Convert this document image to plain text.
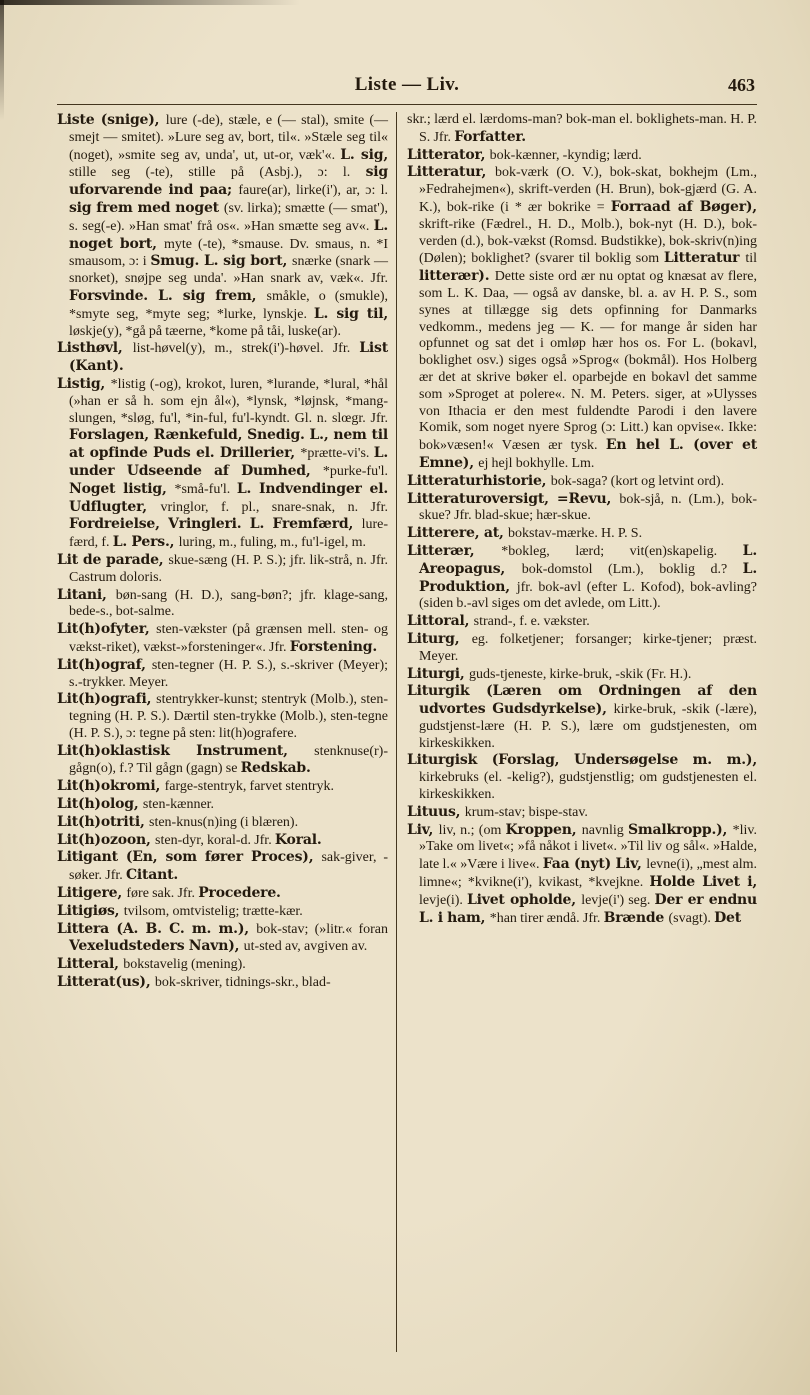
Liste — Liv.	463

Liste (snige), lure (-de), stæle, e (— stal), smite (— smejt — smitet). »Lure seg av, bort, til«. »Stæle seg til« (noget), »smite seg av, unda', ut, ut-or, væk'«. L. sig, stille seg (-te), stille på (Asbj.), ɔ: l. sig uforvarende ind paa; faure(ar), lirke(i'), ar, ɔ: l. sig frem med noget (sv. lirka); smætte (— smat'), s. seg(-e). »Han smat' frå os«. »Han smætte seg av«. L. noget bort, myte (-te), *smause. Dv. smaus, n. *I smausom, ɔ: i Smug. L. sig bort, snærke (snark — snorket), snøjpe seg unda'. »Han snark av, væk«. Jfr. Forsvinde. L. sig frem, småkle, o (smukle), *smyte seg, *myte seg; *lurke, lynskje. L. sig til, løskje(y), *gå på tæerne, *kome på tåi, luske(ar).

Listhøvl, list-høvel(y), m., strek(i')-høvel. Jfr. List (Kant).

Listig, *listig (-og), krokot, luren, *lurande, *lural, *hål (»han er så h. som ejn ål«), *lynsk, *løjnsk, *mang-slungen, *sløg, fu'l, *in-ful, fu'l-kyndt. Gl. n. slœgr. Jfr. Forslagen, Rænkefuld, Snedig. L., nem til at opfinde Puds el. Drillerier, *prætte-vi's. L. under Udseende af Dumhed, *purke-fu'l. Noget listig, *små-fu'l. L. Indvendinger el. Udflugter, vringlor, f. pl., snare-snak, n. Jfr. Fordreielse, Vringleri. L. Fremfærd, lure-færd, f. L. Pers., luring, m., fuling, m., fu'l-igel, m.

Lit de parade, skue-sæng (H. P. S.); jfr. lik-strå, n. Jfr. Castrum doloris.

Litani, bøn-sang (H. D.), sang-bøn?; jfr. klage-sang, bede-s., bot-salme.

Lit(h)ofyter, sten-vækster (på grænsen mell. sten- og vækst-riket), vækst-»forsteninger«. Jfr. Forstening.

Lit(h)ograf, sten-tegner (H. P. S.), s.-skriver (Meyer); s.-trykker. Meyer.

Lit(h)ografi, stentrykker-kunst; stentryk (Molb.), sten-tegning (H. P. S.). Dærtil sten-trykke (Molb.), sten-tegne (H. P. S.), ɔ: tegne på sten: lit(h)ografere.

Lit(h)oklastisk Instrument, stenknuse(r)-gågn(o), f.? Til gågn (gagn) se Redskab.

Lit(h)okromi, farge-stentryk, farvet stentryk.

Lit(h)olog, sten-kænner.

Lit(h)otriti, sten-knus(n)ing (i blæren).

Lit(h)ozoon, sten-dyr, koral-d. Jfr. Koral.

Litigant (En, som fører Proces), sak-giver, -søker. Jfr. Citant.

Litigere, føre sak. Jfr. Procedere.

Litigiøs, tvilsom, omtvistelig; trætte-kær.

Littera (A. B. C. m. m.), bok-stav; (»litr.« foran Vexeludsteders Navn), ut-sted av, avgiven av.

Litteral, bokstavelig (mening).

Litterat(us), bok-skriver, tidnings-skr., blad-

skr.; lærd el. lærdoms-man? bok-man el. boklighets-man. H. P. S. Jfr. Forfatter.

Litterator, bok-kænner, -kyndig; lærd.

Litteratur, bok-værk (O. V.), bok-skat, bokhejm (Lm., »Fedrahejmen«), skrift-verden (H. Brun), bok-gjærd (G. A. K.), bok-rike (i * ær bokrike = Forraad af Bøger), skrift-rike (Fædrel., H. D., Molb.), bok-nyt (H. D.), bok-verden (d.), bok-vækst (Romsd. Budstikke), bok-skriv(n)ing (Dølen); boklighet? (svarer til boklig som Litteratur til litterær). Dette siste ord ær nu optat og knæsat av flere, som L. K. Daa, — også av danske, bl. a. av H. P. S., som synes at tillægge sig dets opfinning for Danmarks vedkomm., medens jeg — K. — for mange år siden har opfunnet og sat det i omløp hær hos os. For L. (bokavl, boklighet osv.) siges også »Sprog« (bokmål). Hos Holberg ær det at skrive bøker el. oparbejde en bokavl det samme som »Sproget at polere«. N. M. Peters. siger, at »Ulysses von Ithacia er den mest fuldendte Parodi i den lavere Komik, som noget nyere Sprog (ɔ: Litt.) kan opvise«. Ikke: bok»væsen!« Væsen ær tysk. En hel L. (over et Emne), ej hejl bokhylle. Lm.

Litteraturhistorie, bok-saga? (kort og letvint ord).

Litteraturoversigt, =Revu, bok-sjå, n. (Lm.), bok-skue? Jfr. blad-skue; hær-skue.

Litterere, at, bokstav-mærke. H. P. S.

Litterær, *bokleg, lærd; vit(en)skapelig. L. Areopagus, bok-domstol (Lm.), boklig d.? L. Produktion, jfr. bok-avl (efter L. Kofod), bok-avling? (siden b.-avl siges om det avlede, om Litt.).

Littoral, strand-, f. e. vækster.

Liturg, eg. folketjener; forsanger; kirke-tjener; præst. Meyer.

Liturgi, guds-tjeneste, kirke-bruk, -skik (Fr. H.).

Liturgik (Læren om Ordningen af den udvortes Gudsdyrkelse), kirke-bruk, -skik (-lære), gudstjenst-lære (H. P. S.), lære om gudstjenesten, om kirkeskikken.

Liturgisk (Forslag, Undersøgelse m. m.), kirkebruks (el. -kelig?), gudstjenstlig; om gudstjenesten el. kirkeskikken.

Lituus, krum-stav; bispe-stav.

Liv, liv, n.; (om Kroppen, navnlig Smalkropp.), *liv. »Take om livet«; »få nåkot i livet«. »Til liv og sål«. »Halde, late l.« »Være i live«. Faa (nyt) Liv, levne(i), „mest alm. limne«; *kvikne(i'), kvikast, *kvejkne. Holde Livet i, levje(i). Livet opholde, levje(i') seg. Der er endnu L. i ham, *han tirer ændå. Jfr. Brænde (svagt). Det
